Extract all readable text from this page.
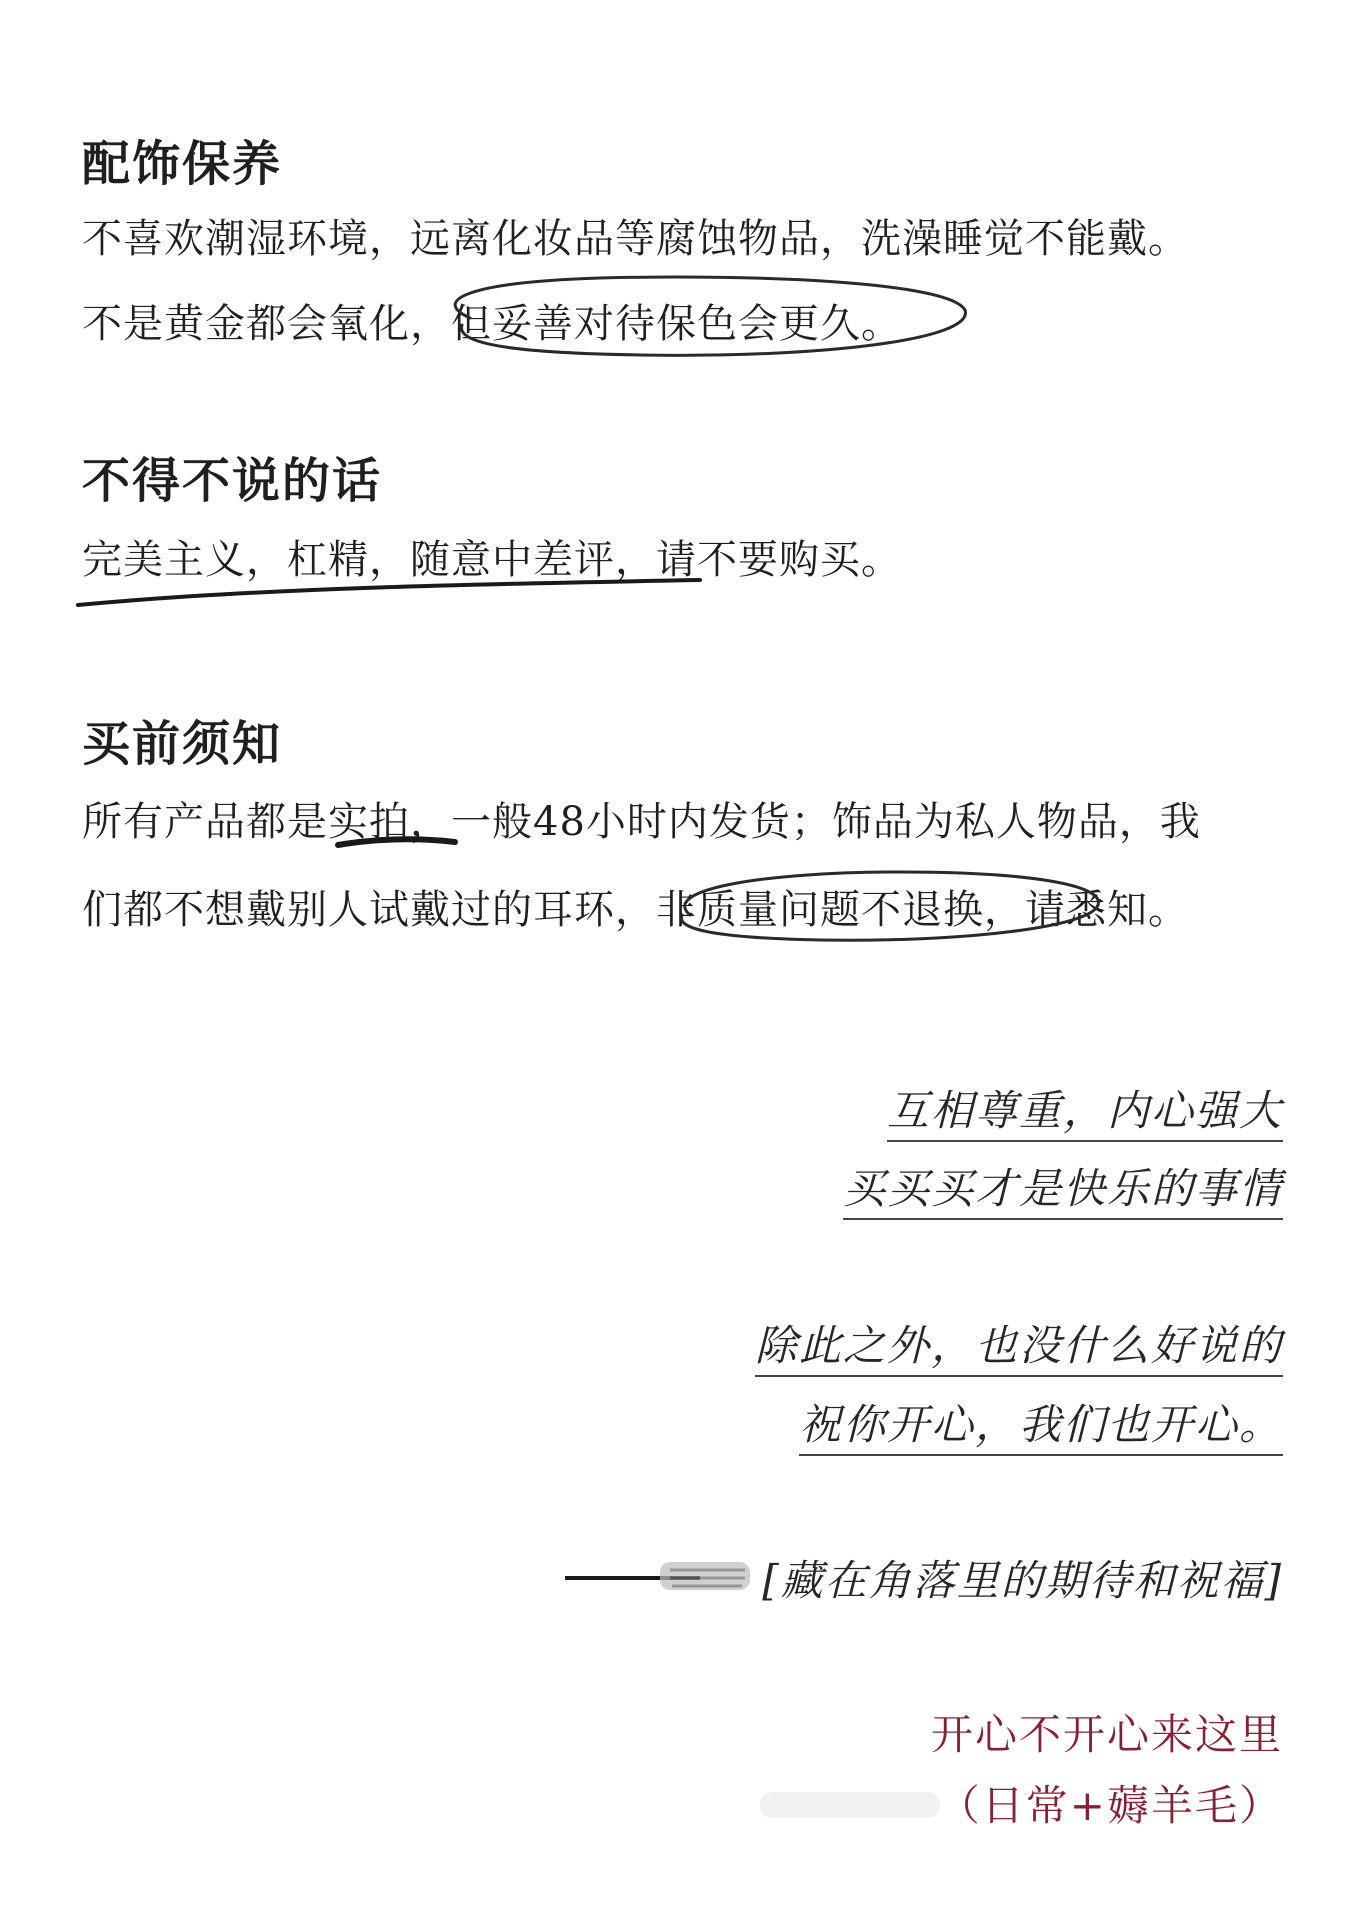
配饰保养

不喜欢潮湿环境，远离化妆品等腐蚀物品，洗澡睡觉不能戴。

不是黄金都会氧化，但妥善对待保色会更久。

不得不说的话

完美主义，杠精，随意中差评，请不要购买。

买前须知

所有产品都是实拍，一般48小时内发货；饰品为私人物品，我

们都不想戴别人试戴过的耳环，非质量问题不退换，请悉知。

互相尊重，内心强大
买买买才是快乐的事情
除此之外，也没什么好说的
祝你开心，我们也开心。
[藏在角落里的期待和祝福]
开心不开心来这里
（日常+薅羊毛）
